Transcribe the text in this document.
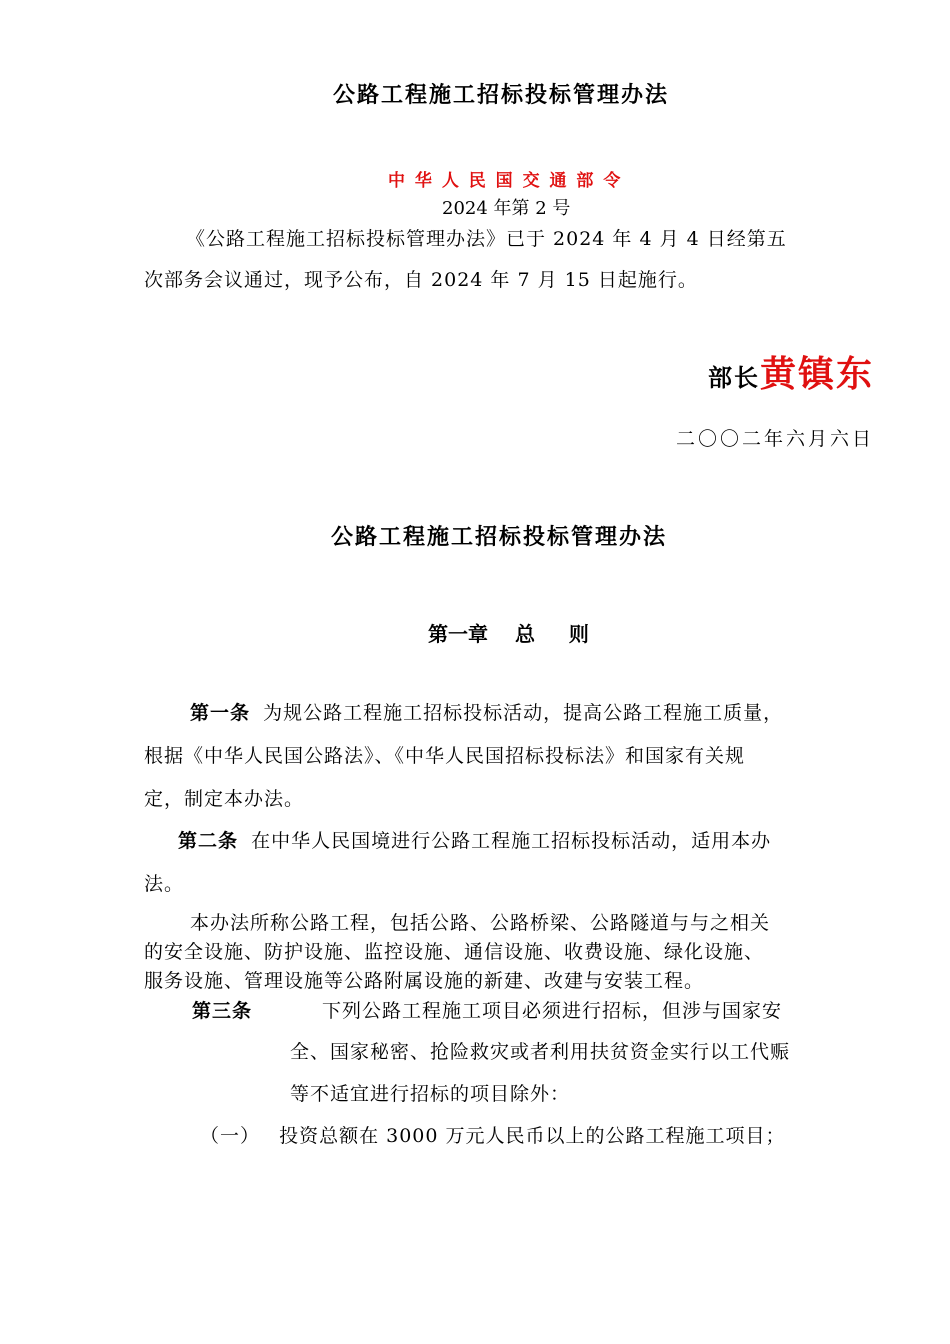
公路工程施工招标投标管理办法
中 华 人 民 国 交 通 部 令
2024 年第 2 号
《公路工程施工招标投标管理办法》已于 2024 年 4 月 4 日经第五
次部务会议通过，现予公布，自 2024 年 7 月 15 日起施行。
部长黄镇东
二〇〇二年六月六日
公路工程施工招标投标管理办法
第一章　 总　  则
第一条 为规公路工程施工招标投标活动，提高公路工程施工质量，
根据《中华人民国公路法》、《中华人民国招标投标法》和国家有关规
定，制定本办法。
第二条 在中华人民国境进行公路工程施工招标投标活动，适用本办
法。
本办法所称公路工程，包括公路、公路桥梁、公路隧道与与之相关
的安全设施、防护设施、监控设施、通信设施、收费设施、绿化设施、
服务设施、管理设施等公路附属设施的新建、改建与安装工程。
第三条	下列公路工程施工项目必须进行招标，但涉与国家安
全、国家秘密、抢险救灾或者利用扶贫资金实行以工代赈
等不适宜进行招标的项目除外：
（一） 投资总额在 3000 万元人民币以上的公路工程施工项目；
